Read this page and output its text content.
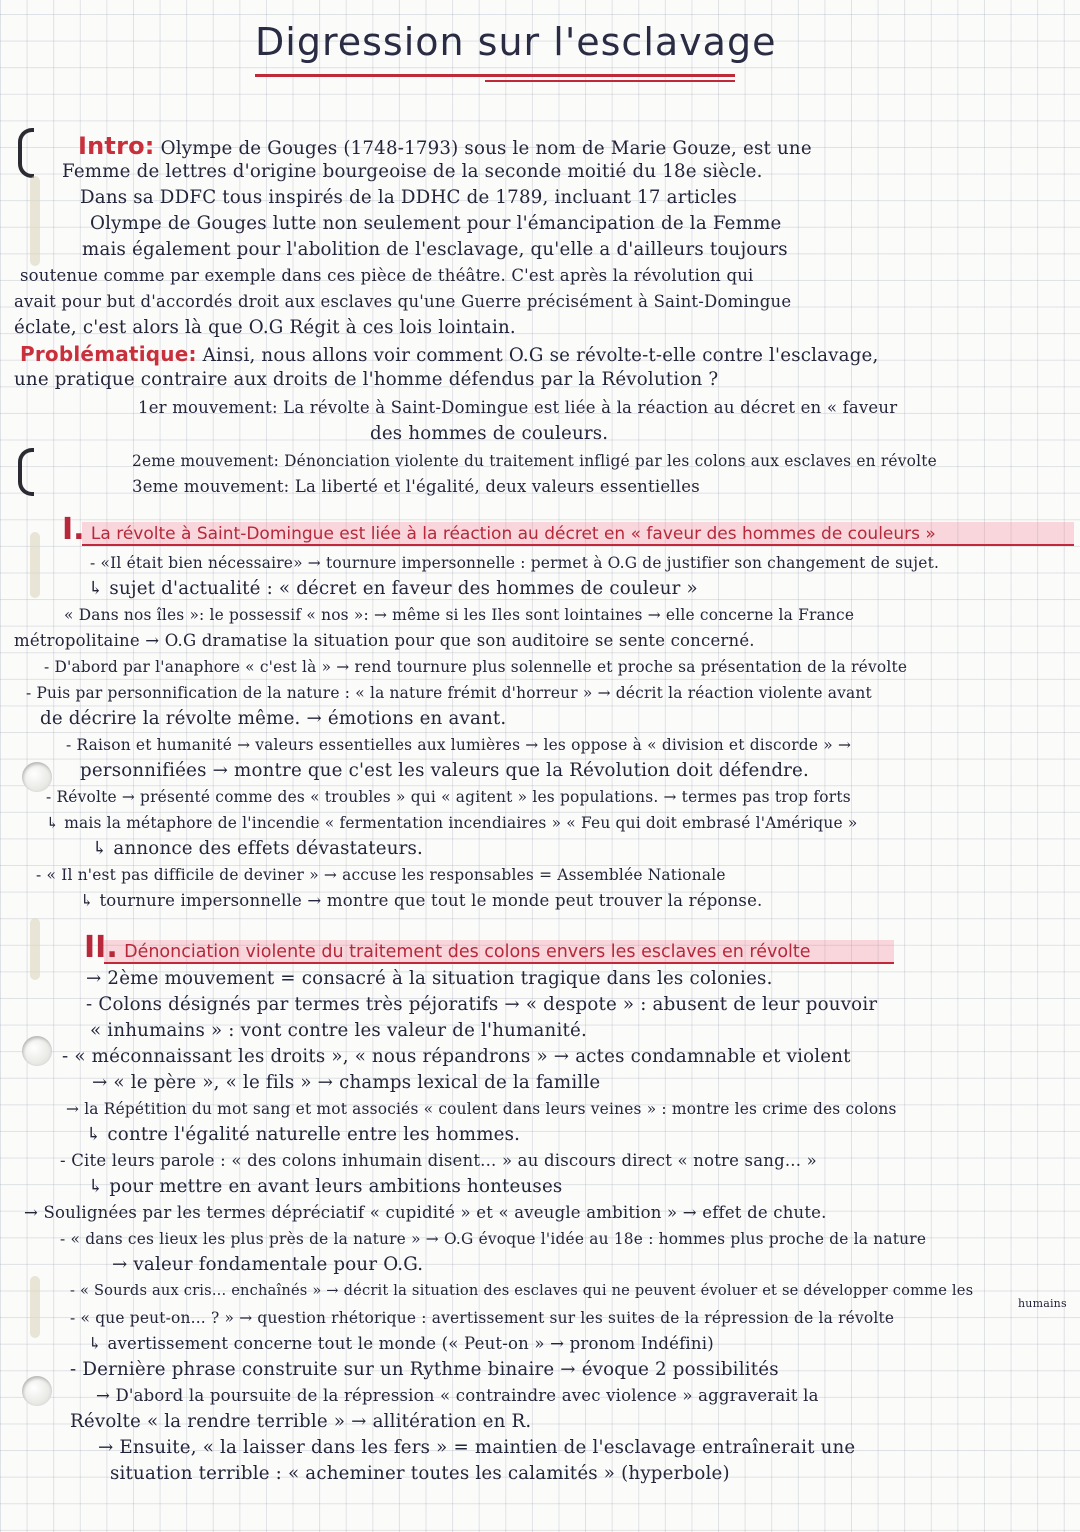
Digression sur l'esclavage
Intro: Olympe de Gouges (1748-1793) sous le nom de Marie Gouze, est une
Femme de lettres d'origine bourgeoise de la seconde moitié du 18e siècle.
Dans sa DDFC tous inspirés de la DDHC de 1789, incluant 17 articles
Olympe de Gouges lutte non seulement pour l'émancipation de la Femme
mais également pour l'abolition de l'esclavage, qu'elle a d'ailleurs toujours
soutenue comme par exemple dans ces pièce de théâtre. C'est après la révolution qui
avait pour but d'accordés droit aux esclaves qu'une Guerre précisément à Saint-Domingue
éclate, c'est alors là que O.G Régit à ces lois lointain.
Problématique: Ainsi, nous allons voir comment O.G se révolte-t-elle contre l'esclavage,
une pratique contraire aux droits de l'homme défendus par la Révolution ?
1er mouvement: La révolte à Saint-Domingue est liée à la réaction au décret en « faveur
des hommes de couleurs.
2eme mouvement: Dénonciation violente du traitement infligé par les colons aux esclaves en révolte
3eme mouvement: La liberté et l'égalité, deux valeurs essentielles
I. La révolte à Saint-Domingue est liée à la réaction au décret en « faveur des hommes de couleurs »
- «Il était bien nécessaire» → tournure impersonnelle : permet à O.G de justifier son changement de sujet.
↳ sujet d'actualité : « décret en faveur des hommes de couleur »
« Dans nos îles »: le possessif « nos »: → même si les Iles sont lointaines → elle concerne la France
métropolitaine → O.G dramatise la situation pour que son auditoire se sente concerné.
- D'abord par l'anaphore « c'est là » → rend tournure plus solennelle et proche sa présentation de la révolte
- Puis par personnification de la nature : « la nature frémit d'horreur » → décrit la réaction violente avant
de décrire la révolte même. → émotions en avant.
- Raison et humanité → valeurs essentielles aux lumières → les oppose à « division et discorde » →
personnifiées → montre que c'est les valeurs que la Révolution doit défendre.
- Révolte → présenté comme des « troubles » qui « agitent » les populations. → termes pas trop forts
↳ mais la métaphore de l'incendie « fermentation incendiaires » « Feu qui doit embrasé l'Amérique »
↳ annonce des effets dévastateurs.
- « Il n'est pas difficile de deviner » → accuse les responsables = Assemblée Nationale
↳ tournure impersonnelle → montre que tout le monde peut trouver la réponse.
II. Dénonciation violente du traitement des colons envers les esclaves en révolte
→ 2ème mouvement = consacré à la situation tragique dans les colonies.
- Colons désignés par termes très péjoratifs → « despote » : abusent de leur pouvoir
« inhumains » : vont contre les valeur de l'humanité.
- « méconnaissant les droits », « nous répandrons » → actes condamnable et violent
→ « le père », « le fils » → champs lexical de la famille
→ la Répétition du mot sang et mot associés « coulent dans leurs veines » : montre les crime des colons
↳ contre l'égalité naturelle entre les hommes.
- Cite leurs parole : « des colons inhumain disent... » au discours direct « notre sang... »
↳ pour mettre en avant leurs ambitions honteuses
→ Soulignées par les termes dépréciatif « cupidité » et « aveugle ambition » → effet de chute.
- « dans ces lieux les plus près de la nature » → O.G évoque l'idée au 18e : hommes plus proche de la nature
→ valeur fondamentale pour O.G.
- « Sourds aux cris... enchaînés » → décrit la situation des esclaves qui ne peuvent évoluer et se développer comme les
humains
- « que peut-on... ? » → question rhétorique : avertissement sur les suites de la répression de la révolte
↳ avertissement concerne tout le monde (« Peut-on » → pronom Indéfini)
- Dernière phrase construite sur un Rythme binaire → évoque 2 possibilités
→ D'abord la poursuite de la répression « contraindre avec violence » aggraverait la
Révolte « la rendre terrible » → allitération en R.
→ Ensuite, « la laisser dans les fers » = maintien de l'esclavage entraînerait une
situation terrible : « acheminer toutes les calamités » (hyperbole)
